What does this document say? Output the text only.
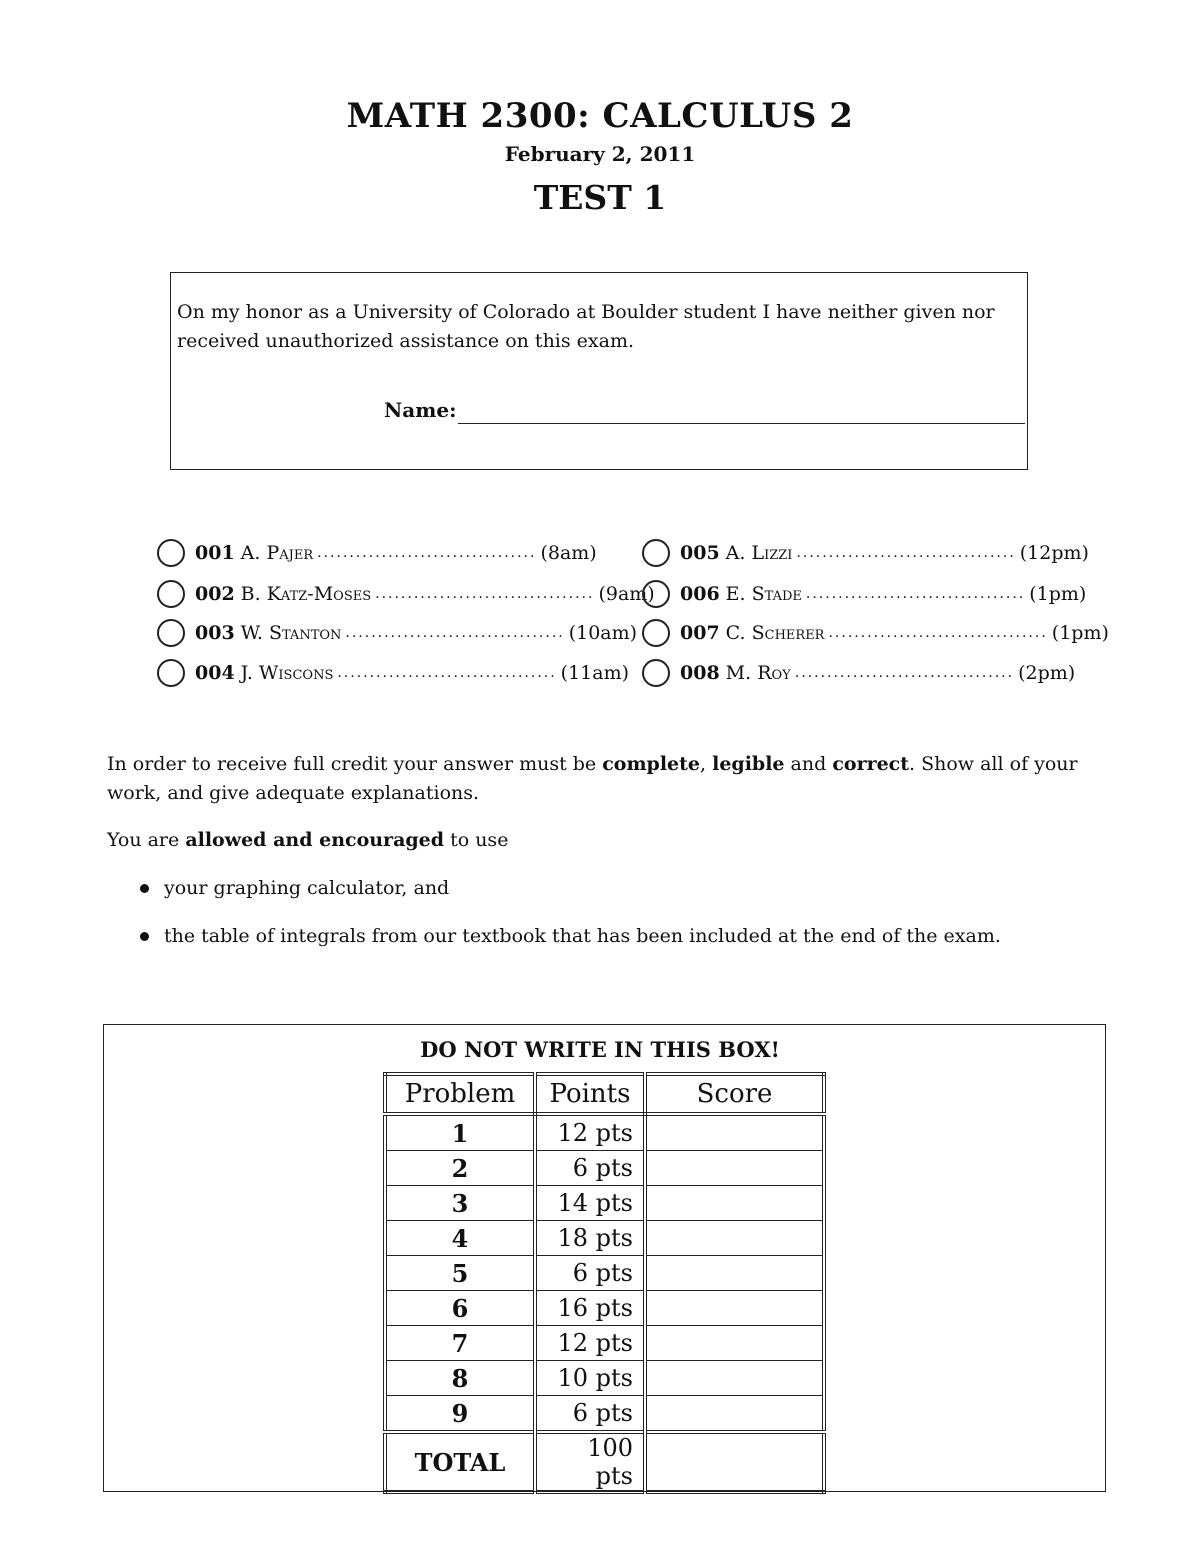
MATH 2300: CALCULUS 2
February 2, 2011
TEST 1
On my honor as a University of Colorado at Boulder student I have neither given nor received unauthorized assistance on this exam.
Name:
001 A. Pajer .................................. (8am)
002 B. Katz-Moses .................................. (9am)
003 W. Stanton .................................. (10am)
004 J. Wiscons .................................. (11am)
005 A. Lizzi .................................. (12pm)
006 E. Stade .................................. (1pm)
007 C. Scherer .................................. (1pm)
008 M. Roy .................................. (2pm)
In order to receive full credit your answer must be complete, legible and correct. Show all of your work, and give adequate explanations.
You are allowed and encouraged to use
your graphing calculator, and
the table of integrals from our textbook that has been included at the end of the exam.
DO NOT WRITE IN THIS BOX!
Problem	Points	Score
1	12 pts	
2	6 pts	
3	14 pts	
4	18 pts	
5	6 pts	
6	16 pts	
7	12 pts	
8	10 pts	
9	6 pts	
TOTAL	100 pts	
